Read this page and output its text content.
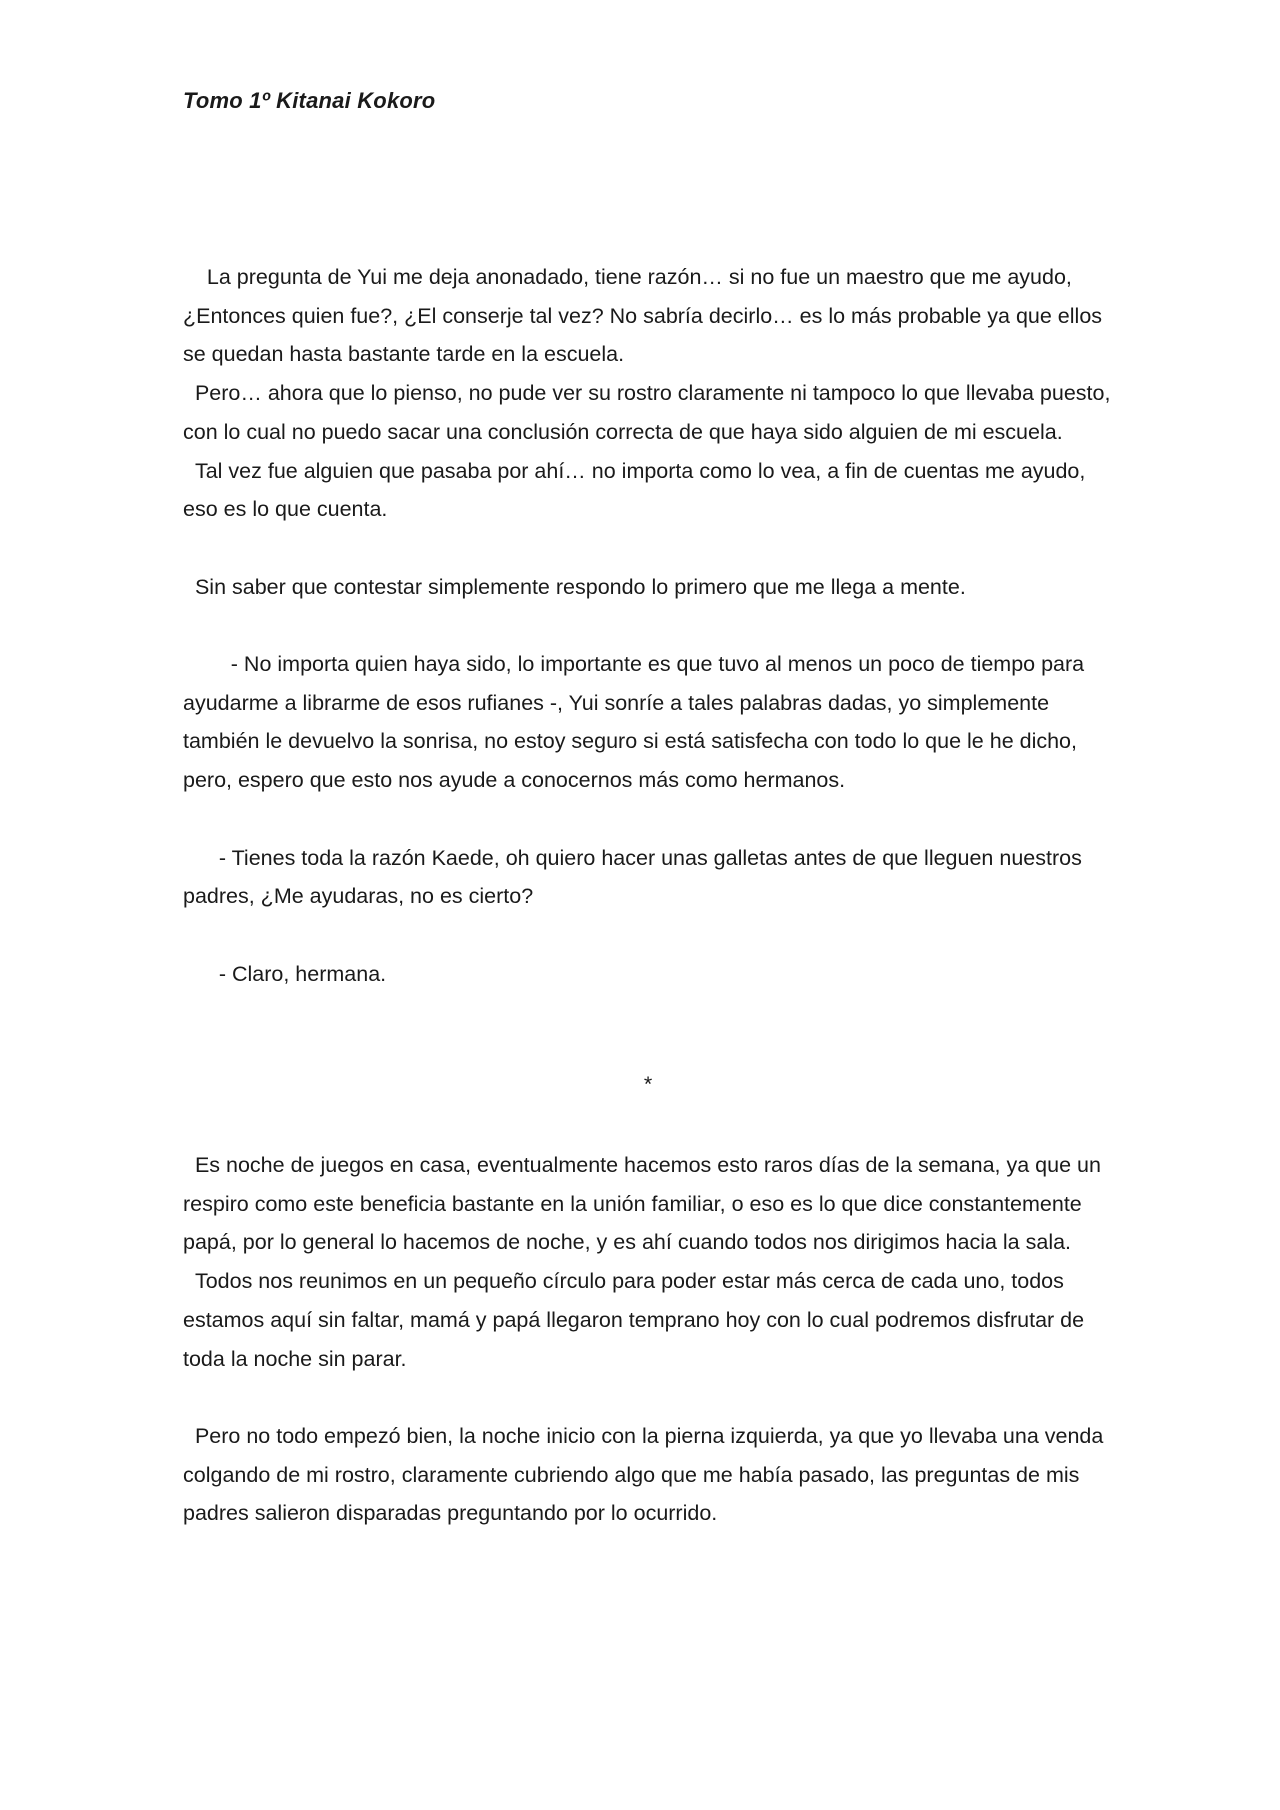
Tomo 1º Kitanai Kokoro

La pregunta de Yui me deja anonadado, tiene razón… si no fue un maestro que me ayudo, ¿Entonces quien fue?, ¿El conserje tal vez? No sabría decirlo… es lo más probable ya que ellos se quedan hasta bastante tarde en la escuela.

Pero… ahora que lo pienso, no pude ver su rostro claramente ni tampoco lo que llevaba puesto, con lo cual no puedo sacar una conclusión correcta de que haya sido alguien de mi escuela.

Tal vez fue alguien que pasaba por ahí… no importa como lo vea, a fin de cuentas me ayudo, eso es lo que cuenta.

Sin saber que contestar simplemente respondo lo primero que me llega a mente.

- No importa quien haya sido, lo importante es que tuvo al menos un poco de tiempo para ayudarme a librarme de esos rufianes -, Yui sonríe a tales palabras dadas, yo simplemente también le devuelvo la sonrisa, no estoy seguro si está satisfecha con todo lo que le he dicho, pero, espero que esto nos ayude a conocernos más como hermanos.

- Tienes toda la razón Kaede, oh quiero hacer unas galletas antes de que lleguen nuestros padres, ¿Me ayudaras, no es cierto?

- Claro, hermana.

*

Es noche de juegos en casa, eventualmente hacemos esto raros días de la semana, ya que un respiro como este beneficia bastante en la unión familiar, o eso es lo que dice constantemente papá, por lo general lo hacemos de noche, y es ahí cuando todos nos dirigimos hacia la sala.

Todos nos reunimos en un pequeño círculo para poder estar más cerca de cada uno, todos estamos aquí sin faltar, mamá y papá llegaron temprano hoy con lo cual podremos disfrutar de toda la noche sin parar.

Pero no todo empezó bien, la noche inicio con la pierna izquierda, ya que yo llevaba una venda colgando de mi rostro, claramente cubriendo algo que me había pasado, las preguntas de mis padres salieron disparadas preguntando por lo ocurrido.
